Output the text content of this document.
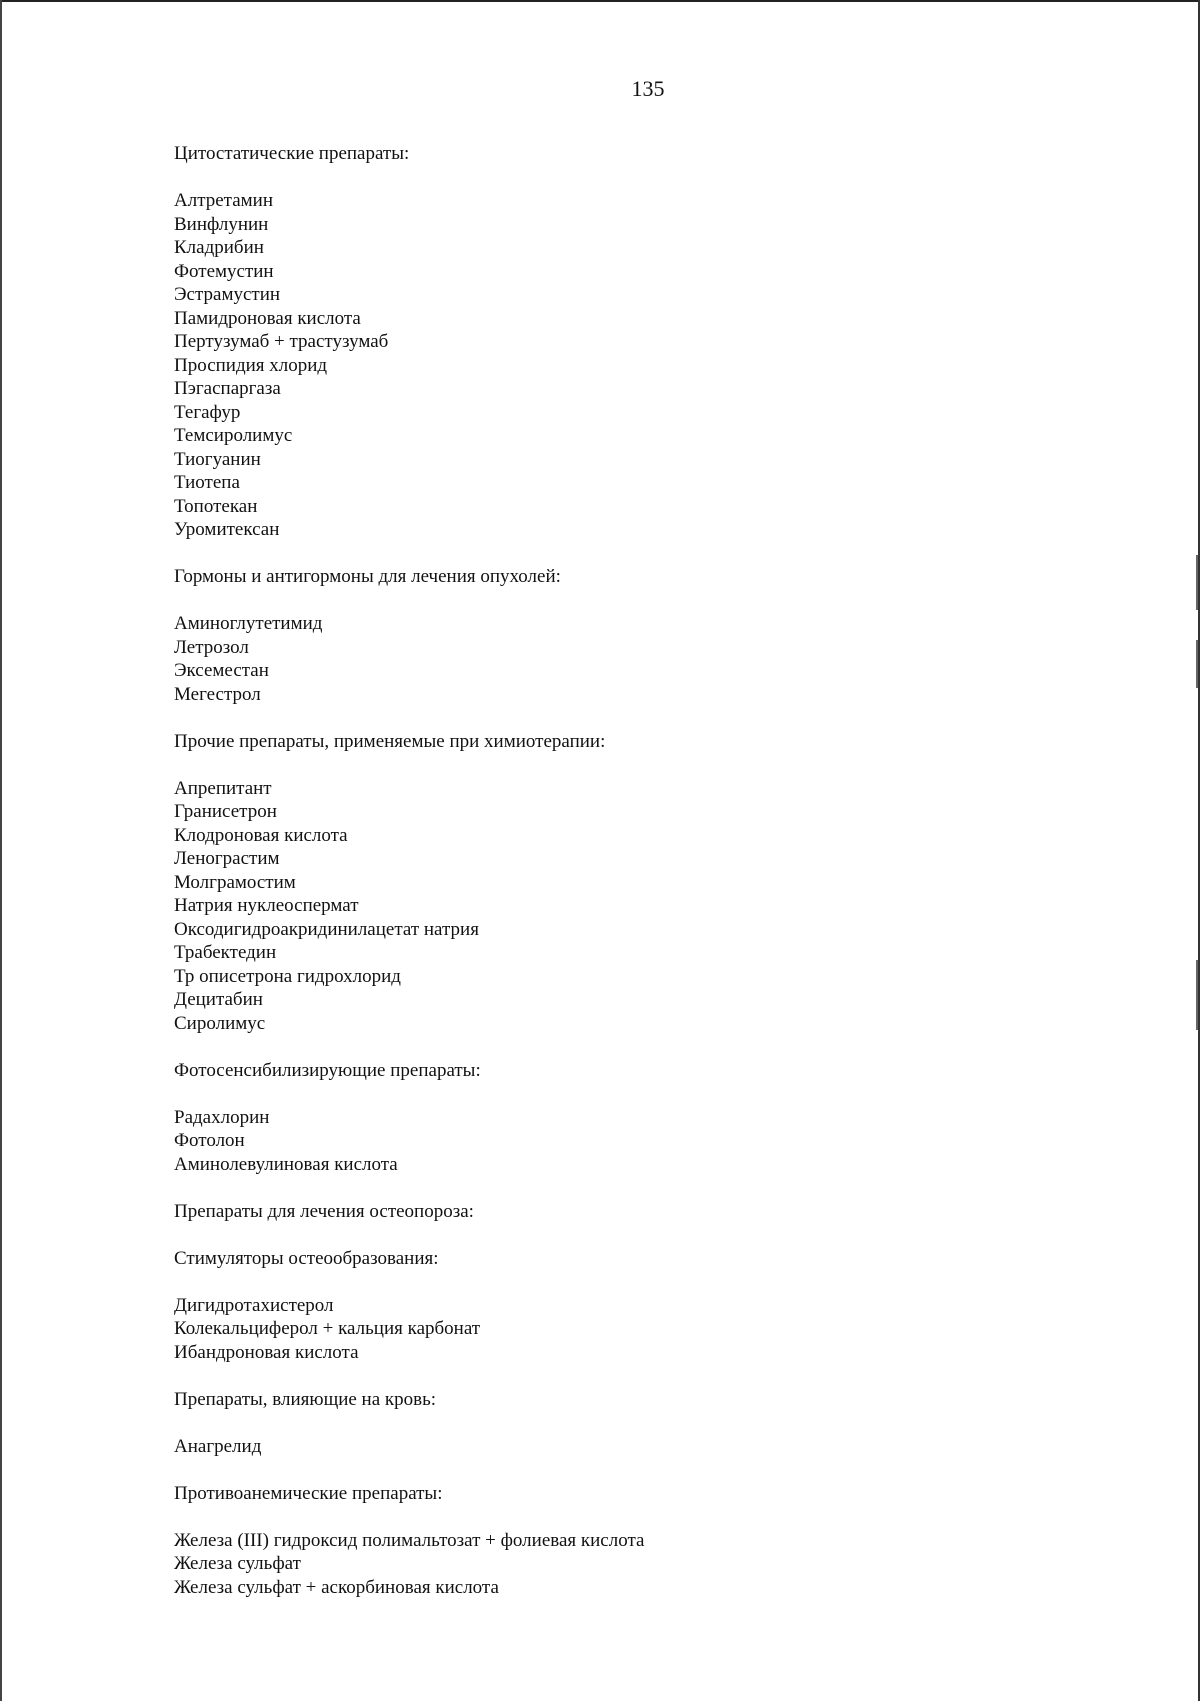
135
Цитостатические препараты:
Алтретамин
Винфлунин
Кладрибин
Фотемустин
Эстрамустин
Памидроновая кислота
Пертузумаб + трастузумаб
Проспидия хлорид
Пэгаспаргаза
Тегафур
Темсиролимус
Тиогуанин
Тиотепа
Топотекан
Уромитексан
Гормоны и антигормоны для лечения опухолей:
Аминоглутетимид
Летрозол
Эксеместан
Мегестрол
Прочие препараты, применяемые при химиотерапии:
Апрепитант
Гранисетрон
Клодроновая кислота
Ленограстим
Молграмостим
Натрия нуклеоспермат
Оксодигидроакридинилацетат натрия
Трабектедин
Тр описетрона гидрохлорид
Децитабин
Сиролимус
Фотосенсибилизирующие препараты:
Радахлорин
Фотолон
Аминолевулиновая кислота
Препараты для лечения остеопороза:
Стимуляторы остеообразования:
Дигидротахистерол
Колекальциферол + кальция карбонат
Ибандроновая кислота
Препараты, влияющие на кровь:
Анагрелид
Противоанемические препараты:
Железа (III) гидроксид полимальтозат + фолиевая кислота
Железа сульфат
Железа сульфат + аскорбиновая кислота
